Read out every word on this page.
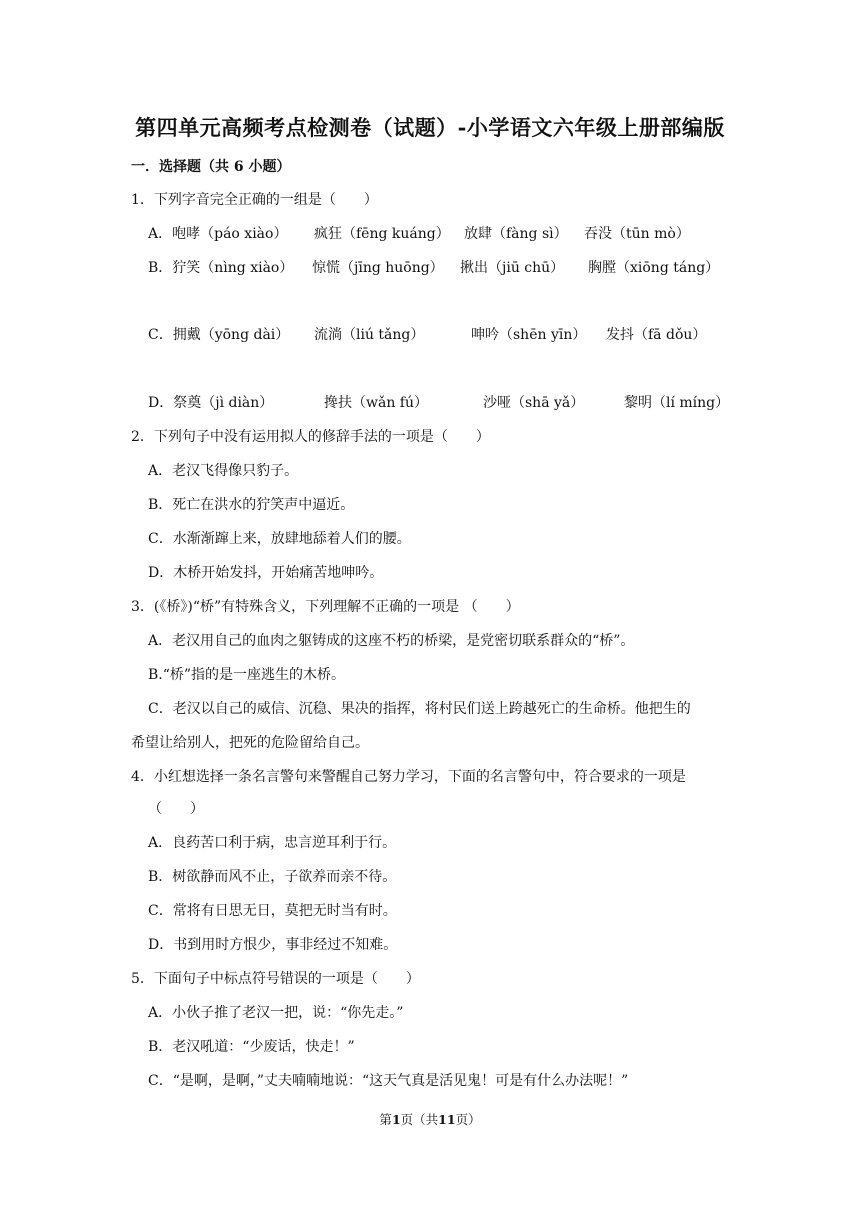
第四单元高频考点检测卷（试题）-小学语文六年级上册部编版
一．选择题（共 6 小题）
1．下列字音完全正确的一组是（　　）
A．咆哮（páo xiào） 疯狂（fēng kuáng） 放肆（fàng sì） 吞没（tūn mò）
B．狞笑（nìng xiào） 惊慌（jīng huōng） 揪出（jiū chū） 胸膛（xiōng táng）
C．拥戴（yōng dài） 流淌（liú tǎng）	呻吟（shēn yīn） 发抖（fā dǒu）
D．祭奠（jì diàn）	搀扶（wǎn fú）	沙哑（shā yǎ）	黎明（lí míng）
2．下列句子中没有运用拟人的修辞手法的一项是（　　）
A．老汉飞得像只豹子。
B．死亡在洪水的狞笑声中逼近。
C．水渐渐蹿上来，放肆地舔着人们的腰。
D．木桥开始发抖，开始痛苦地呻吟。
3．(《桥》)“桥”有特殊含义，下列理解不正确的一项是 （　　）
A．老汉用自己的血肉之躯铸成的这座不朽的桥梁，是党密切联系群众的“桥”。
B.“桥”指的是一座逃生的木桥。
C．老汉以自己的威信、沉稳、果决的指挥，将村民们送上跨越死亡的生命桥。他把生的
希望让给别人，把死的危险留给自己。
4．小红想选择一条名言警句来警醒自己努力学习，下面的名言警句中，符合要求的一项是
（　　）
A．良药苦口利于病，忠言逆耳利于行。
B．树欲静而风不止，子欲养而亲不待。
C．常将有日思无日，莫把无时当有时。
D．书到用时方恨少，事非经过不知难。
5．下面句子中标点符号错误的一项是（　　）
A．小伙子推了老汉一把，说：“你先走。”
B．老汉吼道：“少废话，快走！”
C．“是啊，是啊，”丈夫喃喃地说：“这天气真是活见鬼！可是有什么办法呢！”
第1页（共11页）
